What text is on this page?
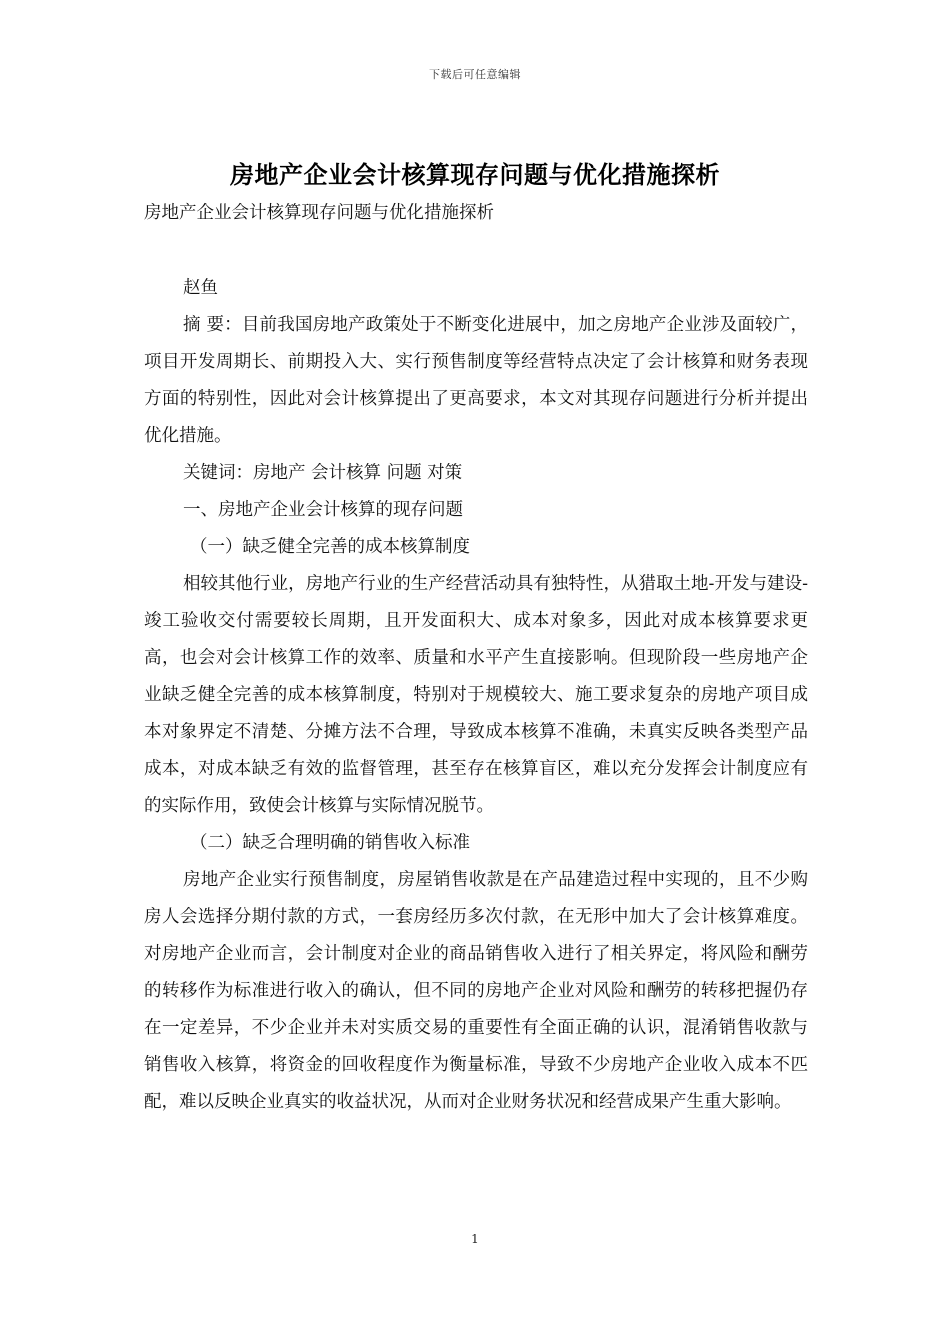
下载后可任意编辑
房地产企业会计核算现存问题与优化措施探析
房地产企业会计核算现存问题与优化措施探析
赵鱼

摘 要：目前我国房地产政策处于不断变化进展中，加之房地产企业涉及面较广，项目开发周期长、前期投入大、实行预售制度等经营特点决定了会计核算和财务表现方面的特别性，因此对会计核算提出了更高要求，本文对其现存问题进行分析并提出优化措施。

关键词：房地产 会计核算 问题 对策

一、房地产企业会计核算的现存问题

（一）缺乏健全完善的成本核算制度

相较其他行业，房地产行业的生产经营活动具有独特性，从猎取土地-开发与建设-竣工验收交付需要较长周期，且开发面积大、成本对象多，因此对成本核算要求更高，也会对会计核算工作的效率、质量和水平产生直接影响。但现阶段一些房地产企业缺乏健全完善的成本核算制度，特别对于规模较大、施工要求复杂的房地产项目成本对象界定不清楚、分摊方法不合理，导致成本核算不准确，未真实反映各类型产品成本，对成本缺乏有效的监督管理，甚至存在核算盲区，难以充分发挥会计制度应有的实际作用，致使会计核算与实际情况脱节。

（二）缺乏合理明确的销售收入标准

房地产企业实行预售制度，房屋销售收款是在产品建造过程中实现的，且不少购房人会选择分期付款的方式，一套房经历多次付款，在无形中加大了会计核算难度。对房地产企业而言，会计制度对企业的商品销售收入进行了相关界定，将风险和酬劳的转移作为标准进行收入的确认，但不同的房地产企业对风险和酬劳的转移把握仍存在一定差异，不少企业并未对实质交易的重要性有全面正确的认识，混淆销售收款与销售收入核算，将资金的回收程度作为衡量标准，导致不少房地产企业收入成本不匹配，难以反映企业真实的收益状况，从而对企业财务状况和经营成果产生重大影响。

1
